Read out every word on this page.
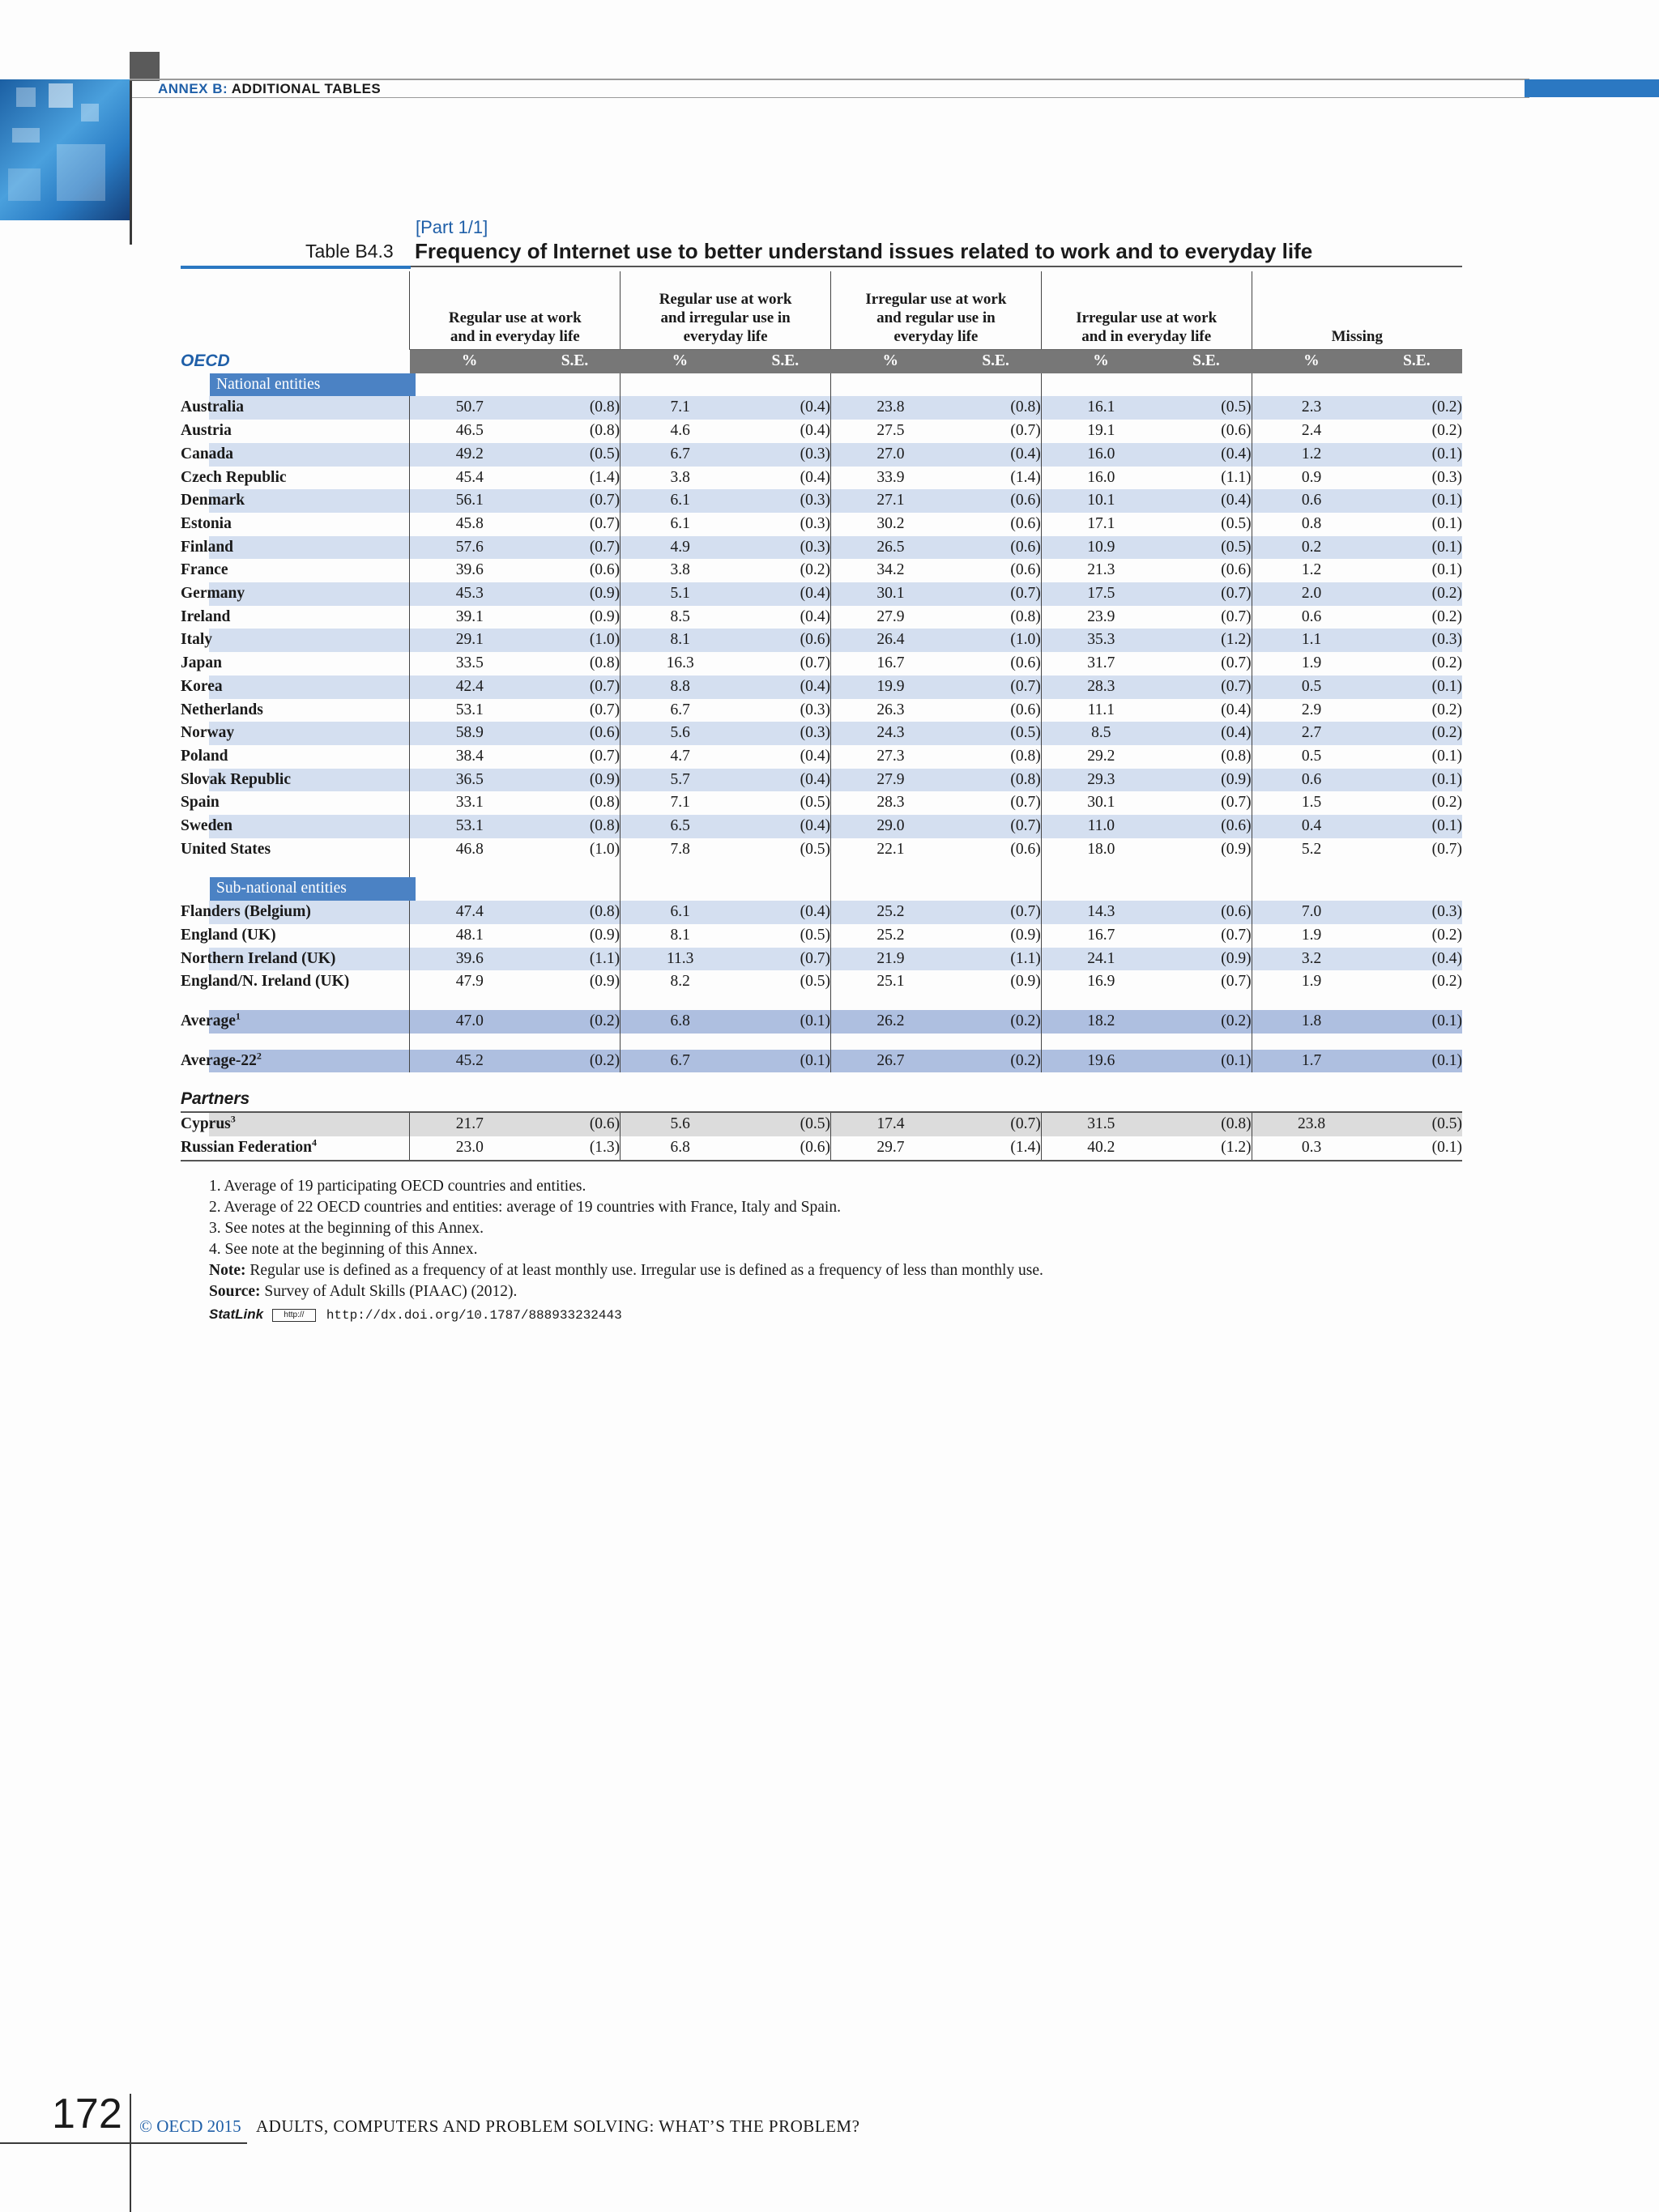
ANNEX B: ADDITIONAL TABLES
[Part 1/1]
Table B4.3 Frequency of Internet use to better understand issues related to work and to everyday life
	Regular use at work and in everyday life		Regular use at work and irregular use in everyday life		Irregular use at work and regular use in everyday life		Irregular use at work and in everyday life		Missing	
OECD	%	S.E.	%	S.E.	%	S.E.	%	S.E.	%	S.E.
National entities										
Australia	50.7	(0.8)	7.1	(0.4)	23.8	(0.8)	16.1	(0.5)	2.3	(0.2)
Austria	46.5	(0.8)	4.6	(0.4)	27.5	(0.7)	19.1	(0.6)	2.4	(0.2)
Canada	49.2	(0.5)	6.7	(0.3)	27.0	(0.4)	16.0	(0.4)	1.2	(0.1)
Czech Republic	45.4	(1.4)	3.8	(0.4)	33.9	(1.4)	16.0	(1.1)	0.9	(0.3)
Denmark	56.1	(0.7)	6.1	(0.3)	27.1	(0.6)	10.1	(0.4)	0.6	(0.1)
Estonia	45.8	(0.7)	6.1	(0.3)	30.2	(0.6)	17.1	(0.5)	0.8	(0.1)
Finland	57.6	(0.7)	4.9	(0.3)	26.5	(0.6)	10.9	(0.5)	0.2	(0.1)
France	39.6	(0.6)	3.8	(0.2)	34.2	(0.6)	21.3	(0.6)	1.2	(0.1)
Germany	45.3	(0.9)	5.1	(0.4)	30.1	(0.7)	17.5	(0.7)	2.0	(0.2)
Ireland	39.1	(0.9)	8.5	(0.4)	27.9	(0.8)	23.9	(0.7)	0.6	(0.2)
Italy	29.1	(1.0)	8.1	(0.6)	26.4	(1.0)	35.3	(1.2)	1.1	(0.3)
Japan	33.5	(0.8)	16.3	(0.7)	16.7	(0.6)	31.7	(0.7)	1.9	(0.2)
Korea	42.4	(0.7)	8.8	(0.4)	19.9	(0.7)	28.3	(0.7)	0.5	(0.1)
Netherlands	53.1	(0.7)	6.7	(0.3)	26.3	(0.6)	11.1	(0.4)	2.9	(0.2)
Norway	58.9	(0.6)	5.6	(0.3)	24.3	(0.5)	8.5	(0.4)	2.7	(0.2)
Poland	38.4	(0.7)	4.7	(0.4)	27.3	(0.8)	29.2	(0.8)	0.5	(0.1)
Slovak Republic	36.5	(0.9)	5.7	(0.4)	27.9	(0.8)	29.3	(0.9)	0.6	(0.1)
Spain	33.1	(0.8)	7.1	(0.5)	28.3	(0.7)	30.1	(0.7)	1.5	(0.2)
Sweden	53.1	(0.8)	6.5	(0.4)	29.0	(0.7)	11.0	(0.6)	0.4	(0.1)
United States	46.8	(1.0)	7.8	(0.5)	22.1	(0.6)	18.0	(0.9)	5.2	(0.7)

Sub-national entities										
Flanders (Belgium)	47.4	(0.8)	6.1	(0.4)	25.2	(0.7)	14.3	(0.6)	7.0	(0.3)
England (UK)	48.1	(0.9)	8.1	(0.5)	25.2	(0.9)	16.7	(0.7)	1.9	(0.2)
Northern Ireland (UK)	39.6	(1.1)	11.3	(0.7)	21.9	(1.1)	24.1	(0.9)	3.2	(0.4)
England/N. Ireland (UK)	47.9	(0.9)	8.2	(0.5)	25.1	(0.9)	16.9	(0.7)	1.9	(0.2)

Average$^1$	47.0	(0.2)	6.8	(0.1)	26.2	(0.2)	18.2	(0.2)	1.8	(0.1)

Average-$22^2$	45.2	(0.2)	6.7	(0.1)	26.7	(0.2)	19.6	(0.1)	1.7	(0.1)

Partners										
Cyprus$^3$	21.7	(0.6)	5.6	(0.5)	17.4	(0.7)	31.5	(0.8)	23.8	(0.5)
Russian Federation$^4$	23.0	(1.3)	6.8	(0.6)	29.7	(1.4)	40.2	(1.2)	0.3	(0.1)
1. Average of 19 participating OECD countries and entities.
2. Average of 22 OECD countries and entities: average of 19 countries with France, Italy and Spain.
3. See notes at the beginning of this Annex.
4. See note at the beginning of this Annex.
Note: Regular use is defined as a frequency of at least monthly use. Irregular use is defined as a frequency of less than monthly use.
Source: Survey of Adult Skills (PIAAC) (2012).
StatLink	http:// http://dx.doi.org/10.1787/888933232443
172 © OECD 2015 ADULTS, COMPUTERS AND PROBLEM SOLVING: WHAT’S THE PROBLEM?
